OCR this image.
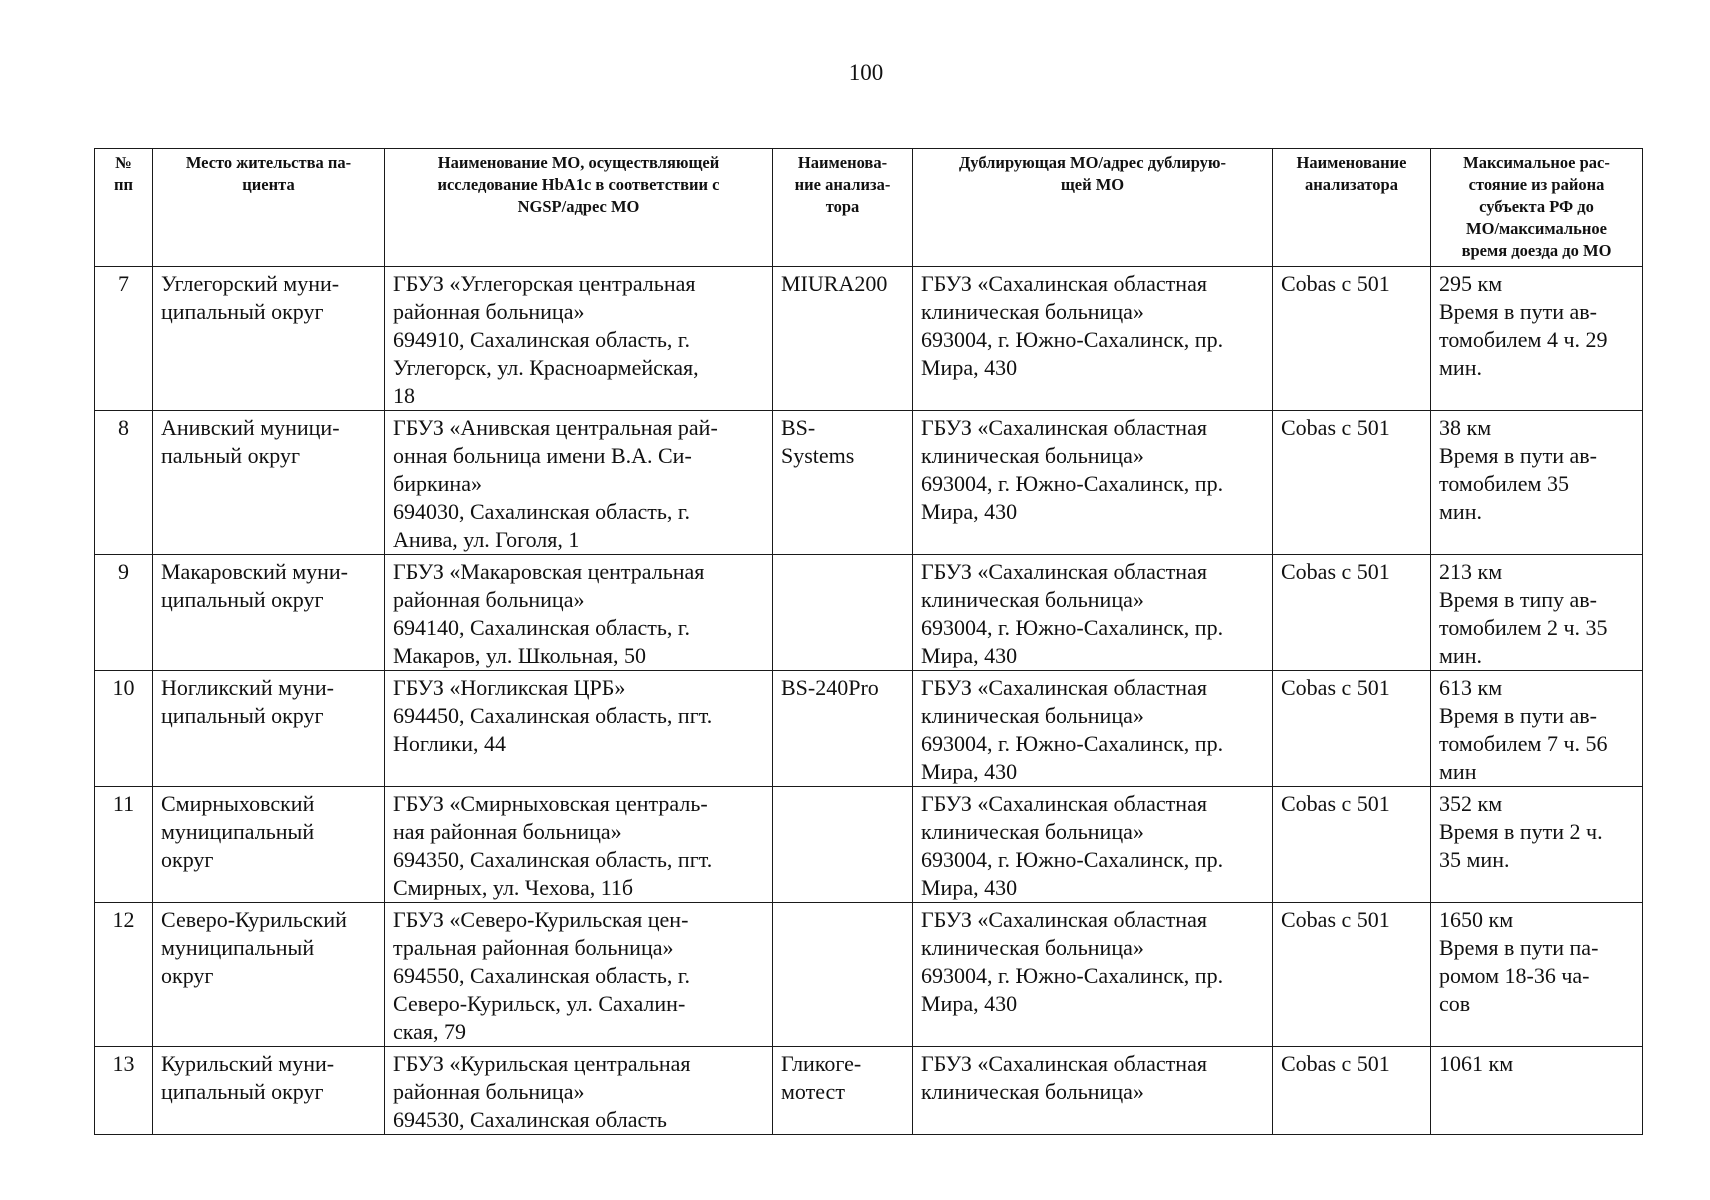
100
№
пп	Место жительства па-
циента	Наименование МО, осуществляющей
исследование HbA1c в соответствии с
NGSP/адрес МО	Наименова-
ние анализа-
тора	Дублирующая МО/адрес дублирую-
щей МО	Наименование
анализатора	Максимальное рас-
стояние из района
субъекта РФ до
МО/максимальное
время доезда до МО

7	Углегорский муни-
ципальный округ	ГБУЗ «Углегорская центральная
районная больница»
694910, Сахалинская область, г.
Углегорск, ул. Красноармейская,
18	MIURA200	ГБУЗ «Сахалинская областная
клиническая больница»
693004, г. Южно-Сахалинск, пр.
Мира, 430	Cobas c 501	295 км
Время в пути ав-
томобилем 4 ч. 29
мин.

8	Анивский муници-
пальный округ	ГБУЗ «Анивская центральная рай-
онная больница имени В.А. Си-
биркина»
694030, Сахалинская область, г.
Анива, ул. Гоголя, 1	BS-
Systems	ГБУЗ «Сахалинская областная
клиническая больница»
693004, г. Южно-Сахалинск, пр.
Мира, 430	Cobas c 501	38 км
Время в пути ав-
томобилем 35
мин.

9	Макаровский муни-
ципальный округ	ГБУЗ «Макаровская центральная
районная больница»
694140, Сахалинская область, г.
Макаров, ул. Школьная, 50		ГБУЗ «Сахалинская областная
клиническая больница»
693004, г. Южно-Сахалинск, пр.
Мира, 430	Cobas c 501	213 км
Время в типу ав-
томобилем 2 ч. 35
мин.

10	Ногликский муни-
ципальный округ	ГБУЗ «Ногликская ЦРБ»
694450, Сахалинская область, пгт.
Ноглики, 44	BS-240Pro	ГБУЗ «Сахалинская областная
клиническая больница»
693004, г. Южно-Сахалинск, пр.
Мира, 430	Cobas c 501	613 км
Время в пути ав-
томобилем 7 ч. 56
мин

11	Смирныховский
муниципальный
округ	ГБУЗ «Смирныховская централь-
ная районная больница»
694350, Сахалинская область, пгт.
Смирных, ул. Чехова, 11б		ГБУЗ «Сахалинская областная
клиническая больница»
693004, г. Южно-Сахалинск, пр.
Мира, 430	Cobas c 501	352 км
Время в пути 2 ч.
35 мин.

12	Северо-Курильский
муниципальный
округ	ГБУЗ «Северо-Курильская цен-
тральная районная больница»
694550, Сахалинская область, г.
Северо-Курильск, ул. Сахалин-
ская, 79		ГБУЗ «Сахалинская областная
клиническая больница»
693004, г. Южно-Сахалинск, пр.
Мира, 430	Cobas c 501	1650 км
Время в пути па-
ромом 18-36 ча-
сов

13	Курильский муни-
ципальный округ	ГБУЗ «Курильская центральная
районная больница»
694530, Сахалинская область	Гликоге-
мотест	ГБУЗ «Сахалинская областная
клиническая больница»	Cobas c 501	1061 км
